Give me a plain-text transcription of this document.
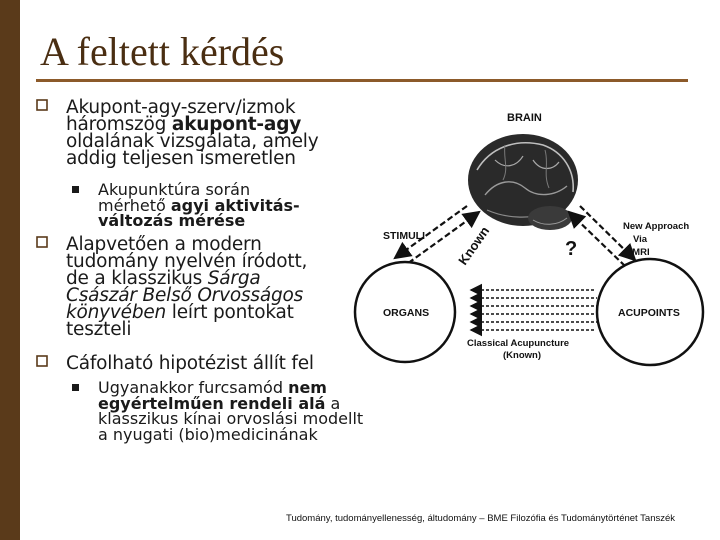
A feltett kérdés
Akupont-agy-szerv/izmok
háromszög akupont-agy
oldalának vizsgálata, amely
addig teljesen ismeretlen
Akupunktúra során
mérhető agyi aktivitás-
változás mérése
Alapvetően a modern
tudomány nyelvén íródott,
de a klasszikus Sárga
Császár Belső Orvosságos
könyvében leírt pontokat
teszteli
Cáfolható hipotézist állít fel
Ugyanakkor furcsamód nem
egyértelműen rendeli alá a
klasszikus kínai orvoslási modellt
a nyugati (bio)medicinának
BRAIN
STIMULI Known	?
New Approach
Via
fMRI
ORGANS	ACUPOINTS
Classical Acupuncture
(Known)
Tudomány, tudományellenesség, áltudomány – BME Filozófia és Tudománytörténet Tanszék
